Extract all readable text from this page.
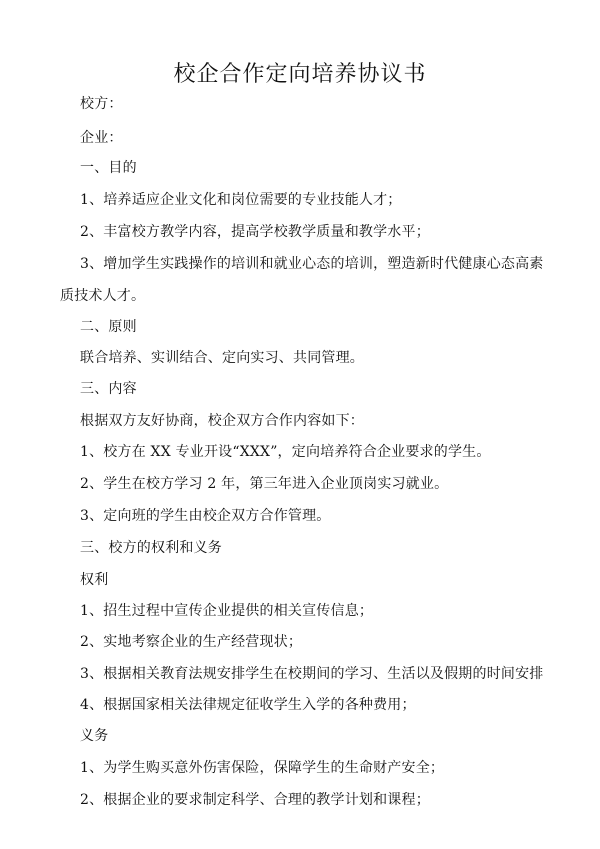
校企合作定向培养协议书
校方：
企业：
一、目的
1、培养适应企业文化和岗位需要的专业技能人才；
2、丰富校方教学内容，提高学校教学质量和教学水平；
3、增加学生实践操作的培训和就业心态的培训，塑造新时代健康心态高素
质技术人才。
二、原则
联合培养、实训结合、定向实习、共同管理。
三、内容
根据双方友好协商，校企双方合作内容如下：
1、校方在 XX 专业开设“XXX”，定向培养符合企业要求的学生。
2、学生在校方学习 2 年，第三年进入企业顶岗实习就业。
3、定向班的学生由校企双方合作管理。
三、校方的权利和义务
权利
1、招生过程中宣传企业提供的相关宣传信息；
2、实地考察企业的生产经营现状；
3、根据相关教育法规安排学生在校期间的学习、生活以及假期的时间安排
4、根据国家相关法律规定征收学生入学的各种费用；
义务
1、为学生购买意外伤害保险，保障学生的生命财产安全；
2、根据企业的要求制定科学、合理的教学计划和课程；
